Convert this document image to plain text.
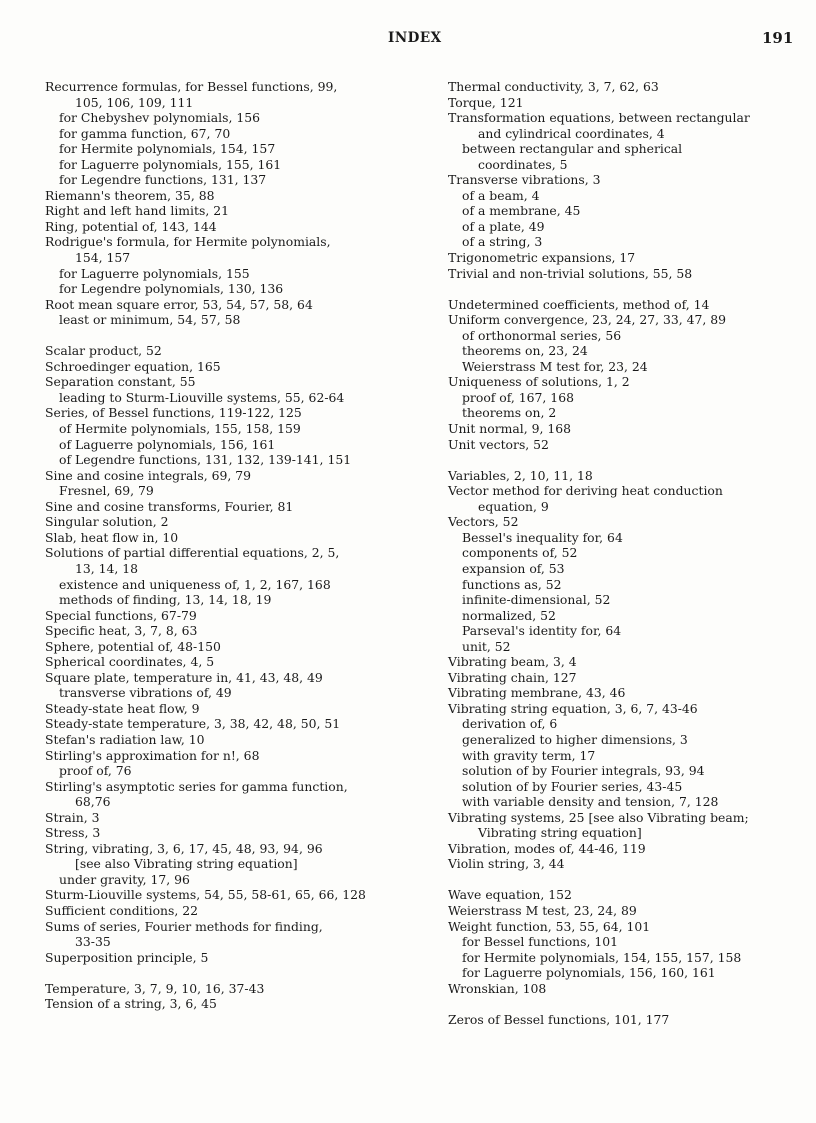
INDEX	191
Recurrence formulas, for Bessel functions, 99,
105, 106, 109, 111
for Chebyshev polynomials, 156
for gamma function, 67, 70
for Hermite polynomials, 154, 157
for Laguerre polynomials, 155, 161
for Legendre functions, 131, 137
Riemann's theorem, 35, 88
Right and left hand limits, 21
Ring, potential of, 143, 144
Rodrigue's formula, for Hermite polynomials,
154, 157
for Laguerre polynomials, 155
for Legendre polynomials, 130, 136
Root mean square error, 53, 54, 57, 58, 64
least or minimum, 54, 57, 58
Scalar product, 52
Schroedinger equation, 165
Separation constant, 55
leading to Sturm-Liouville systems, 55, 62-64
Series, of Bessel functions, 119-122, 125
of Hermite polynomials, 155, 158, 159
of Laguerre polynomials, 156, 161
of Legendre functions, 131, 132, 139-141, 151
Sine and cosine integrals, 69, 79
Fresnel, 69, 79
Sine and cosine transforms, Fourier, 81
Singular solution, 2
Slab, heat flow in, 10
Solutions of partial differential equations, 2, 5,
13, 14, 18
existence and uniqueness of, 1, 2, 167, 168
methods of finding, 13, 14, 18, 19
Special functions, 67-79
Specific heat, 3, 7, 8, 63
Sphere, potential of, 48-150
Spherical coordinates, 4, 5
Square plate, temperature in, 41, 43, 48, 49
transverse vibrations of, 49
Steady-state heat flow, 9
Steady-state temperature, 3, 38, 42, 48, 50, 51
Stefan's radiation law, 10
Stirling's approximation for n!, 68
proof of, 76
Stirling's asymptotic series for gamma function,
68,76
Strain, 3
Stress, 3
String, vibrating, 3, 6, 17, 45, 48, 93, 94, 96
[see also Vibrating string equation]
under gravity, 17, 96
Sturm-Liouville systems, 54, 55, 58-61, 65, 66, 128
Sufficient conditions, 22
Sums of series, Fourier methods for finding,
33-35
Superposition principle, 5
Temperature, 3, 7, 9, 10, 16, 37-43
Tension of a string, 3, 6, 45
Thermal conductivity, 3, 7, 62, 63
Torque, 121
Transformation equations, between rectangular
and cylindrical coordinates, 4
between rectangular and spherical
coordinates, 5
Transverse vibrations, 3
of a beam, 4
of a membrane, 45
of a plate, 49
of a string, 3
Trigonometric expansions, 17
Trivial and non-trivial solutions, 55, 58
Undetermined coefficients, method of, 14
Uniform convergence, 23, 24, 27, 33, 47, 89
of orthonormal series, 56
theorems on, 23, 24
Weierstrass M test for, 23, 24
Uniqueness of solutions, 1, 2
proof of, 167, 168
theorems on, 2
Unit normal, 9, 168
Unit vectors, 52
Variables, 2, 10, 11, 18
Vector method for deriving heat conduction
equation, 9
Vectors, 52
Bessel's inequality for, 64
components of, 52
expansion of, 53
functions as, 52
infinite-dimensional, 52
normalized, 52
Parseval's identity for, 64
unit, 52
Vibrating beam, 3, 4
Vibrating chain, 127
Vibrating membrane, 43, 46
Vibrating string equation, 3, 6, 7, 43-46
derivation of, 6
generalized to higher dimensions, 3
with gravity term, 17
solution of by Fourier integrals, 93, 94
solution of by Fourier series, 43-45
with variable density and tension, 7, 128
Vibrating systems, 25 [see also Vibrating beam;
Vibrating string equation]
Vibration, modes of, 44-46, 119
Violin string, 3, 44
Wave equation, 152
Weierstrass M test, 23, 24, 89
Weight function, 53, 55, 64, 101
for Bessel functions, 101
for Hermite polynomials, 154, 155, 157, 158
for Laguerre polynomials, 156, 160, 161
Wronskian, 108
Zeros of Bessel functions, 101, 177
